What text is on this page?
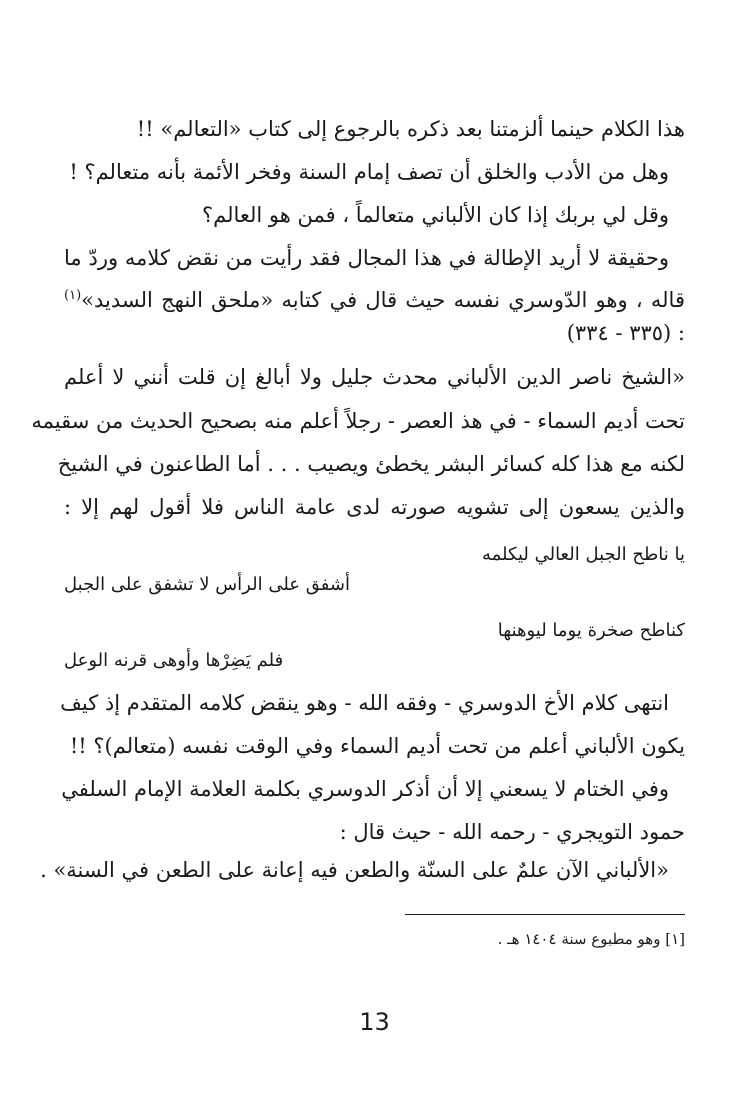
هذا الكلام حينما ألزمتنا بعد ذكره بالرجوع إلى كتاب «التعالم» !!
وهل من الأدب والخلق أن تصف إمام السنة وفخر الأئمة بأنه متعالم؟ !
وقل لي بربك إذا كان الألباني متعالماً ، فمن هو العالم؟
وحقيقة لا أريد الإطالة في هذا المجال فقد رأيت من نقض كلامه وردّ ما
قاله ، وهو الدّوسري نفسه حيث قال في كتابه «ملحق النهج السديد»$^{(١)}$
: (٣٣٥ - ٣٣٤)
«الشيخ ناصر الدين الألباني محدث جليل ولا أبالغ إن قلت أنني لا أعلم
تحت أديم السماء - في هذ العصر - رجلاً أعلم منه بصحيح الحديث من سقيمه
لكنه مع هذا كله كسائر البشر يخطئ ويصيب . . . أما الطاعنون في الشيخ
والذين يسعون إلى تشويه صورته لدى عامة الناس فلا أقول لهم إلا :
يا ناطح الجبل العالي ليكلمه
أشفق على الرأس لا تشفق على الجبل
كناطح صخرة يوما ليوهنها
فلم يَضِرْها وأوهى قرنه الوعل
انتهى كلام الأخ الدوسري - وفقه الله - وهو ينقض كلامه المتقدم إذ كيف
يكون الألباني أعلم من تحت أديم السماء وفي الوقت نفسه (متعالم)؟ !!
وفي الختام لا يسعني إلا أن أذكر الدوسري بكلمة العلامة الإمام السلفي
حمود التويجري - رحمه الله - حيث قال :
«الألباني الآن علمٌ على السنّة والطعن فيه إعانة على الطعن في السنة» .
[١] وهو مطبوع سنة ١٤٠٤ هـ .
13
